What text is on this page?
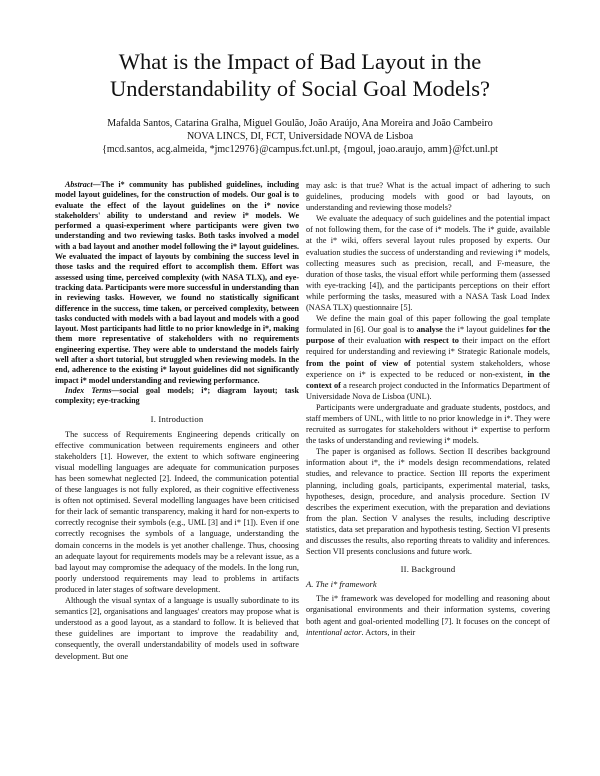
What is the Impact of Bad Layout in the
Understandability of Social Goal Models?
Mafalda Santos, Catarina Gralha, Miguel Goulão, João Araújo, Ana Moreira and João Cambeiro
NOVA LINCS, DI, FCT, Universidade NOVA de Lisboa
{mcd.santos, acg.almeida, *jmc12976}@campus.fct.unl.pt, {mgoul, joao.araujo, amm}@fct.unl.pt

Abstract—The i* community has published guidelines, including model layout guidelines, for the construction of models. Our goal is to evaluate the effect of the layout guidelines on the i* novice stakeholders' ability to understand and review i* models. We performed a quasi-experiment where participants were given two understanding and two reviewing tasks. Both tasks involved a model with a bad layout and another model following the i* layout guidelines. We evaluated the impact of layouts by combining the success level in those tasks and the required effort to accomplish them. Effort was assessed using time, perceived complexity (with NASA TLX), and eye-tracking data. Participants were more successful in understanding than in reviewing tasks. However, we found no statistically significant difference in the success, time taken, or perceived complexity, between tasks conducted with models with a bad layout and models with a good layout. Most participants had little to no prior knowledge in i*, making them more representative of stakeholders with no requirements engineering expertise. They were able to understand the models fairly well after a short tutorial, but struggled when reviewing models. In the end, adherence to the existing i* layout guidelines did not significantly impact i* model understanding and reviewing performance.

Index Terms—social goal models; i*; diagram layout; task complexity; eye-tracking

I. Introduction

The success of Requirements Engineering depends critically on effective communication between requirements engineers and other stakeholders [1]. However, the extent to which software engineering visual modelling languages are adequate for communication purposes has been somewhat neglected [2]. Indeed, the communication potential of these languages is not fully explored, as their cognitive effectiveness is often not optimised. Several modelling languages have been criticised for their lack of semantic transparency, making it hard for non-experts to correctly recognise their symbols (e.g., UML [3] and i* [1]). Even if one correctly recognises the symbols of a language, understanding the domain concerns in the models is yet another challenge. Thus, choosing an adequate layout for requirements models may be a relevant issue, as a bad layout may compromise the adequacy of the models. In the long run, poorly understood requirements may lead to problems in artifacts produced in later stages of software development.

Although the visual syntax of a language is usually subordinate to its semantics [2], organisations and languages' creators may propose what is understood as a good layout, as a standard to follow. It is believed that these guidelines are important to improve the readability and, consequently, the overall understandability of models used in software development. But one

may ask: is that true? What is the actual impact of adhering to such guidelines, producing models with good or bad layouts, on understanding and reviewing those models?

We evaluate the adequacy of such guidelines and the potential impact of not following them, for the case of i* models. The i* guide, available at the i* wiki, offers several layout rules proposed by experts. Our evaluation studies the success of understanding and reviewing i* models, collecting measures such as precision, recall, and F-measure, the duration of those tasks, the visual effort while performing them (assessed with eye-tracking [4]), and the participants perceptions on their effort while performing the tasks, measured with a NASA Task Load Index (NASA TLX) questionnaire [5].

We define the main goal of this paper following the goal template formulated in [6]. Our goal is to analyse the i* layout guidelines for the purpose of their evaluation with respect to their impact on the effort required for understanding and reviewing i* Strategic Rationale models, from the point of view of potential system stakeholders, whose experience on i* is expected to be reduced or non-existent, in the context of a research project conducted in the Informatics Department of Universidade Nova de Lisboa (UNL).

Participants were undergraduate and graduate students, postdocs, and staff members of UNL, with little to no prior knowledge in i*. They were recruited as surrogates for stakeholders without i* expertise to perform the tasks of understanding and reviewing i* models.

The paper is organised as follows. Section II describes background information about i*, the i* models design recommendations, related studies, and relevance to practice. Section III reports the experiment planning, including goals, participants, experimental material, tasks, hypotheses, design, procedure, and analysis procedure. Section IV describes the experiment execution, with the preparation and deviations from the plan. Section V analyses the results, including descriptive statistics, data set preparation and hypothesis testing. Section VI presents and discusses the results, also reporting threats to validity and inferences. Section VII presents conclusions and future work.

II. Background
A. The i* framework

The i* framework was developed for modelling and reasoning about organisational environments and their information systems, covering both agent and goal-oriented modelling [7]. It focuses on the concept of intentional actor. Actors, in their
